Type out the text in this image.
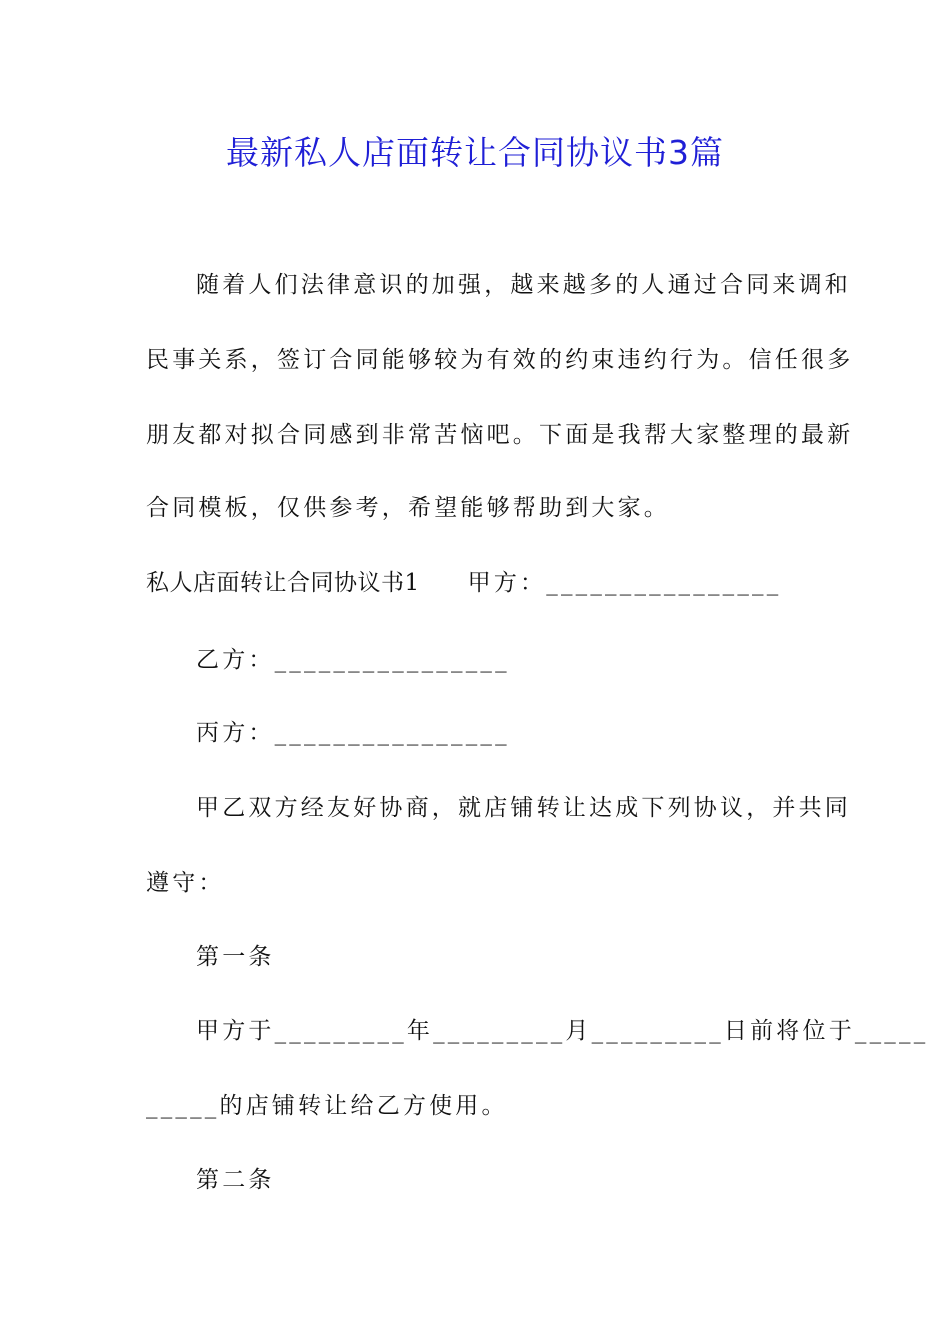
最新私人店面转让合同协议书3篇
随着人们法律意识的加强，越来越多的人通过合同来调和
民事关系，签订合同能够较为有效的约束违约行为。信任很多
朋友都对拟合同感到非常苦恼吧。下面是我帮大家整理的最新
合同模板，仅供参考，希望能够帮助到大家。
私人店面转让合同协议书1 甲方：________________
乙方：________________
丙方：________________
甲乙双方经友好协商，就店铺转让达成下列协议，并共同
遵守：
第一条
甲方于_________年_________月_________日前将位于_____
_____的店铺转让给乙方使用。
第二条
